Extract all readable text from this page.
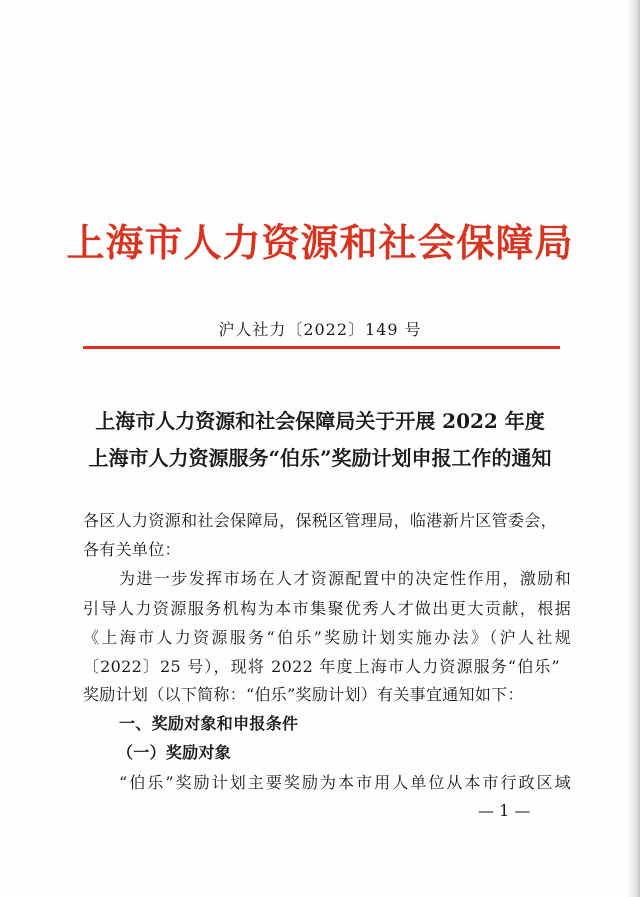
上海市人力资源和社会保障局
沪人社力〔2022〕149 号
上海市人力资源和社会保障局关于开展 2022 年度
上海市人力资源服务“伯乐”奖励计划申报工作的通知
各区人力资源和社会保障局，保税区管理局，临港新片区管委会，
各有关单位：
为进一步发挥市场在人才资源配置中的决定性作用，激励和
引导人力资源服务机构为本市集聚优秀人才做出更大贡献，根据
《上海市人力资源服务“伯乐”奖励计划实施办法》（沪人社规
〔2022〕25 号），现将 2022 年度上海市人力资源服务“伯乐”
奖励计划（以下简称：“伯乐”奖励计划）有关事宜通知如下：
一、奖励对象和申报条件
（一）奖励对象
“伯乐”奖励计划主要奖励为本市用人单位从本市行政区域
— 1 —
